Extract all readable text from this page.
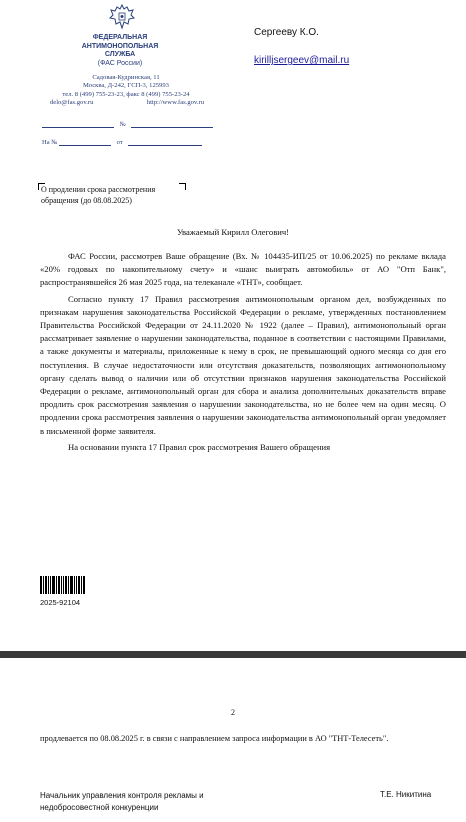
ФЕДЕРАЛЬНАЯ
АНТИМОНОПОЛЬНАЯ
СЛУЖБА
(ФАС России)
Садовая-Кудринская, 11
Москва, Д-242, ГСП-3, 125993
тел. 8 (499) 755-23-23, факс 8 (499) 755-23-24
delo@fas.gov.ru	http://www.fas.gov.ru
№
На №	от
Сергееву К.О.
kirilljsergeev@mail.ru
О продлении срока рассмотрения обращения (до 08.08.2025)
Уважаемый Кирилл Олегович!

ФАС России, рассмотрев Ваше обращение (Вх. № 104435-ИП/25 от 10.06.2025) по рекламе вклада «20% годовых по накопительному счету» и «шанс выиграть автомобиль» от АО "Отп Банк", распространявшейся 26 мая 2025 года, на телеканале «ТНТ», сообщает.

Согласно пункту 17 Правил рассмотрения антимонопольным органом дел, возбужденных по признакам нарушения законодательства Российской Федерации о рекламе, утвержденных постановлением Правительства Российской Федерации от 24.11.2020 № 1922 (далее – Правил), антимонопольный орган рассматривает заявление о нарушении законодательства, поданное в соответствии с настоящими Правилами, а также документы и материалы, приложенные к нему в срок, не превышающий одного месяца со дня его поступления. В случае недостаточности или отсутствия доказательств, позволяющих антимонопольному органу сделать вывод о наличии или об отсутствии признаков нарушения законодательства Российской Федерации о рекламе, антимонопольный орган для сбора и анализа дополнительных доказательств вправе продлить срок рассмотрения заявления о нарушении законодательства, но не более чем на один месяц. О продлении срока рассмотрения заявления о нарушении законодательства антимонопольный орган уведомляет в письменной форме заявителя.

На основании пункта 17 Правил срок рассмотрения Вашего обращения

2025-92104
2
продлевается по 08.08.2025 г. в связи с направлением запроса информации в АО "ТНТ-Телесеть".
Начальник управления контроля рекламы и
недобросовестной конкуренции
Т.Е. Никитина
